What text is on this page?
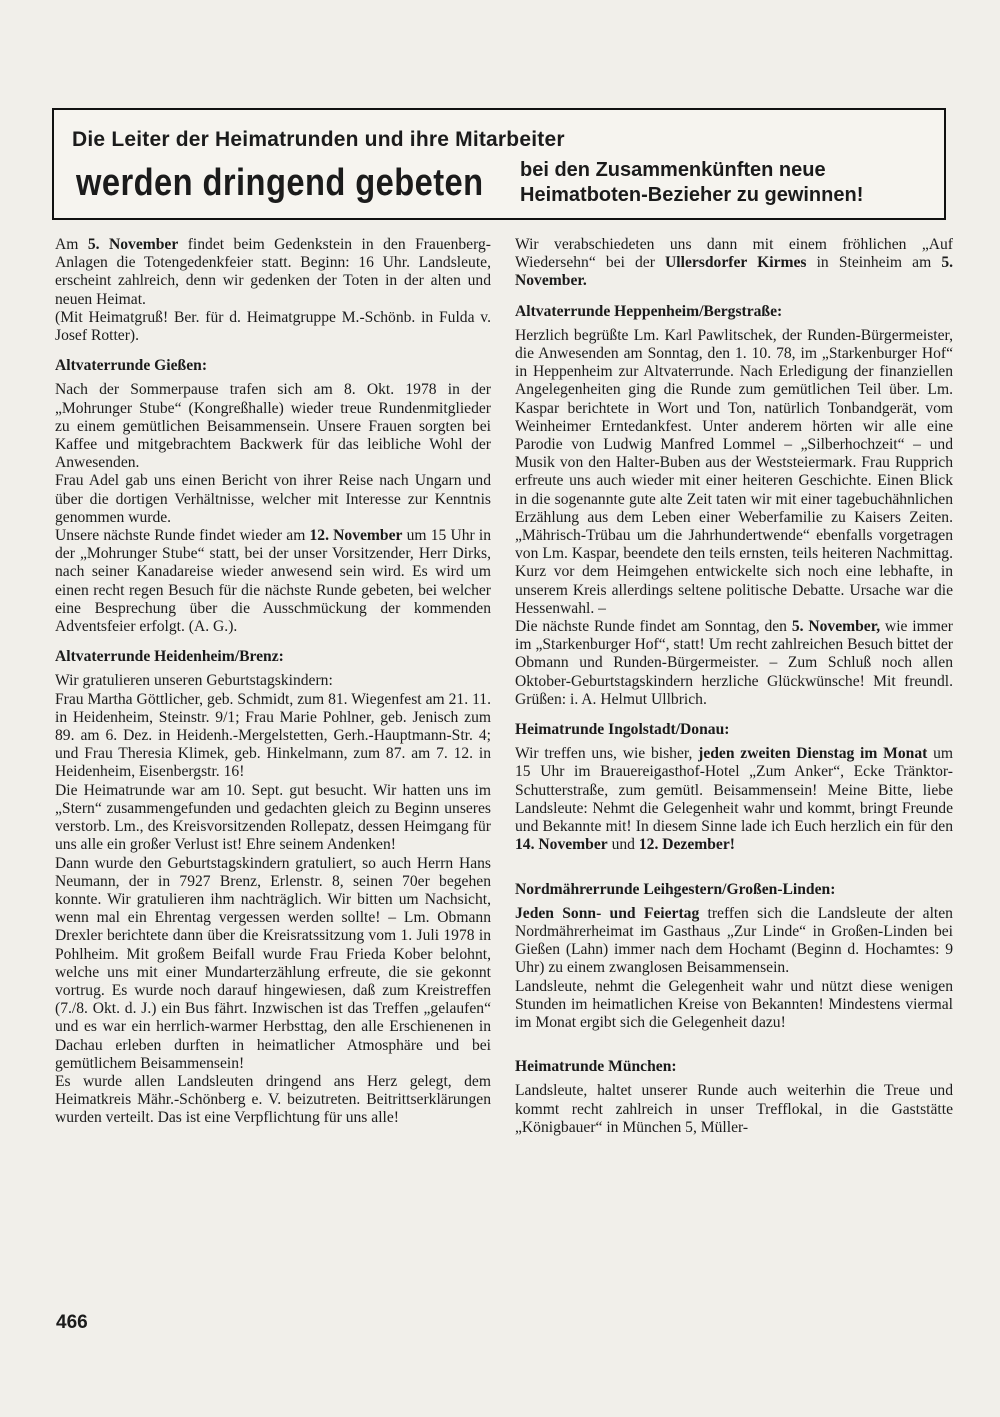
Die Leiter der Heimatrunden und ihre Mitarbeiter
werden dringend gebeten bei den Zusammenkünften neue
Heimatboten-Bezieher zu gewinnen!

Am 5. November findet beim Gedenkstein in den Frauenberg-Anlagen die Totengedenkfeier statt. Beginn: 16 Uhr. Landsleute, erscheint zahlreich, denn wir gedenken der Toten in der alten und neuen Heimat.

(Mit Heimatgruß! Ber. für d. Heimatgruppe M.-Schönb. in Fulda v. Josef Rotter).

Altvaterrunde Gießen:

Nach der Sommerpause trafen sich am 8. Okt. 1978 in der „Mohrunger Stube“ (Kongreßhalle) wieder treue Rundenmitglieder zu einem gemütlichen Beisammensein. Unsere Frauen sorgten bei Kaffee und mitgebrachtem Backwerk für das leibliche Wohl der Anwesenden.

Frau Adel gab uns einen Bericht von ihrer Reise nach Ungarn und über die dortigen Verhältnisse, welcher mit Interesse zur Kenntnis genommen wurde.

Unsere nächste Runde findet wieder am 12. November um 15 Uhr in der „Mohrunger Stube“ statt, bei der unser Vorsitzender, Herr Dirks, nach seiner Kanadareise wieder anwesend sein wird. Es wird um einen recht regen Besuch für die nächste Runde gebeten, bei welcher eine Besprechung über die Ausschmückung der kommenden Adventsfeier erfolgt. (A. G.).

Altvaterrunde Heidenheim/Brenz:

Wir gratulieren unseren Geburtstagskindern:

Frau Martha Göttlicher, geb. Schmidt, zum 81. Wiegenfest am 21. 11. in Heidenheim, Steinstr. 9/1; Frau Marie Pohlner, geb. Jenisch zum 89. am 6. Dez. in Heidenh.-Mergelstetten, Gerh.-Hauptmann-Str. 4; und Frau Theresia Klimek, geb. Hinkelmann, zum 87. am 7. 12. in Heidenheim, Eisenbergstr. 16!

Die Heimatrunde war am 10. Sept. gut besucht. Wir hatten uns im „Stern“ zusammengefunden und gedachten gleich zu Beginn unseres verstorb. Lm., des Kreisvorsitzenden Rollepatz, dessen Heimgang für uns alle ein großer Verlust ist! Ehre seinem Andenken!

Dann wurde den Geburtstagskindern gratuliert, so auch Herrn Hans Neumann, der in 7927 Brenz, Erlenstr. 8, seinen 70er begehen konnte. Wir gratulieren ihm nachträglich. Wir bitten um Nachsicht, wenn mal ein Ehrentag vergessen werden sollte! – Lm. Obmann Drexler berichtete dann über die Kreisratssitzung vom 1. Juli 1978 in Pohlheim. Mit großem Beifall wurde Frau Frieda Kober belohnt, welche uns mit einer Mundarterzählung erfreute, die sie gekonnt vortrug. Es wurde noch darauf hingewiesen, daß zum Kreistreffen (7./8. Okt. d. J.) ein Bus fährt. Inzwischen ist das Treffen „gelaufen“ und es war ein herrlich-warmer Herbsttag, den alle Erschienenen in Dachau erleben durften in heimatlicher Atmosphäre und bei gemütlichem Beisammensein!

Es wurde allen Landsleuten dringend ans Herz gelegt, dem Heimatkreis Mähr.-Schönberg e. V. beizutreten. Beitrittserklärungen wurden verteilt. Das ist eine Verpflichtung für uns alle!

Wir verabschiedeten uns dann mit einem fröhlichen „Auf Wiedersehn“ bei der Ullersdorfer Kirmes in Steinheim am 5. November.

Altvaterrunde Heppenheim/Bergstraße:

Herzlich begrüßte Lm. Karl Pawlitschek, der Runden-Bürgermeister, die Anwesenden am Sonntag, den 1. 10. 78, im „Starkenburger Hof“ in Heppenheim zur Altvaterrunde. Nach Erledigung der finanziellen Angelegenheiten ging die Runde zum gemütlichen Teil über. Lm. Kaspar berichtete in Wort und Ton, natürlich Tonbandgerät, vom Weinheimer Erntedankfest. Unter anderem hörten wir alle eine Parodie von Ludwig Manfred Lommel – „Silberhochzeit“ – und Musik von den Halter-Buben aus der Weststeiermark. Frau Rupprich erfreute uns auch wieder mit einer heiteren Geschichte. Einen Blick in die sogenannte gute alte Zeit taten wir mit einer tagebuchähnlichen Erzählung aus dem Leben einer Weberfamilie zu Kaisers Zeiten. „Mährisch-Trübau um die Jahrhundertwende“ ebenfalls vorgetragen von Lm. Kaspar, beendete den teils ernsten, teils heiteren Nachmittag. Kurz vor dem Heimgehen entwickelte sich noch eine lebhafte, in unserem Kreis allerdings seltene politische Debatte. Ursache war die Hessenwahl. –

Die nächste Runde findet am Sonntag, den 5. November, wie immer im „Starkenburger Hof“, statt! Um recht zahlreichen Besuch bittet der Obmann und Runden-Bürgermeister. – Zum Schluß noch allen Oktober-Geburtstagskindern herzliche Glückwünsche! Mit freundl. Grüßen: i. A. Helmut Ullbrich.

Heimatrunde Ingolstadt/Donau:

Wir treffen uns, wie bisher, jeden zweiten Dienstag im Monat um 15 Uhr im Brauereigasthof-Hotel „Zum Anker“, Ecke Tränktor-Schutterstraße, zum gemütl. Beisammensein! Meine Bitte, liebe Landsleute: Nehmt die Gelegenheit wahr und kommt, bringt Freunde und Bekannte mit! In diesem Sinne lade ich Euch herzlich ein für den 14. November und 12. Dezember!

Nordmährerrunde Leihgestern/Großen-Linden:

Jeden Sonn- und Feiertag treffen sich die Landsleute der alten Nordmährerheimat im Gasthaus „Zur Linde“ in Großen-Linden bei Gießen (Lahn) immer nach dem Hochamt (Beginn d. Hochamtes: 9 Uhr) zu einem zwanglosen Beisammensein.

Landsleute, nehmt die Gelegenheit wahr und nützt diese wenigen Stunden im heimatlichen Kreise von Bekannten! Mindestens viermal im Monat ergibt sich die Gelegenheit dazu!

Heimatrunde München:

Landsleute, haltet unserer Runde auch weiterhin die Treue und kommt recht zahlreich in unser Trefflokal, in die Gaststätte „Königbauer“ in München 5, Müller-

466
